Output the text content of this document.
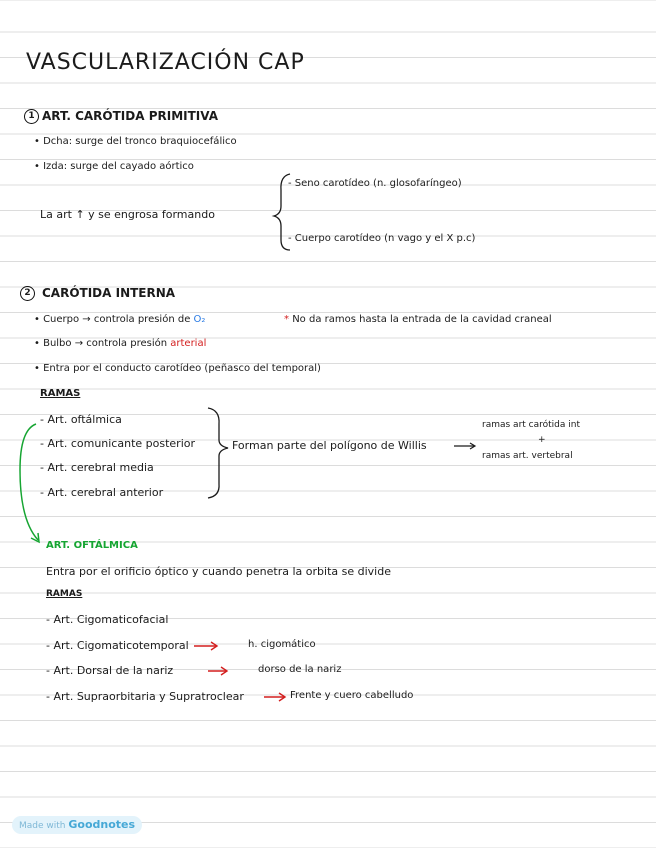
VASCULARIZACIÓN CAP
1 ART. CARÓTIDA PRIMITIVA
• Dcha: surge del tronco braquiocefálico
• Izda: surge del cayado aórtico
La art ↑ y se engrosa formando
- Seno carotídeo (n. glosofaríngeo)
- Cuerpo carotídeo (n vago y el X p.c)
2 CARÓTIDA INTERNA
• Cuerpo → controla presión de O₂	* No da ramos hasta la entrada de la cavidad craneal
• Bulbo → controla presión arterial
• Entra por el conducto carotídeo (peñasco del temporal)
RAMAS
- Art. oftálmica
- Art. comunicante posterior
- Art. cerebral media
- Art. cerebral anterior
Forman parte del polígono de Willis
ramas art carótida int
+
ramas art. vertebral
ART. OFTÁLMICA
Entra por el orificio óptico y cuando penetra la orbita se divide
RAMAS
- Art. Cigomaticofacial
- Art. Cigomaticotemporal	h. cigomático
- Art. Dorsal de la nariz	dorso de la nariz
- Art. Supraorbitaria y Supratroclear	Frente y cuero cabelludo
Made with Goodnotes
